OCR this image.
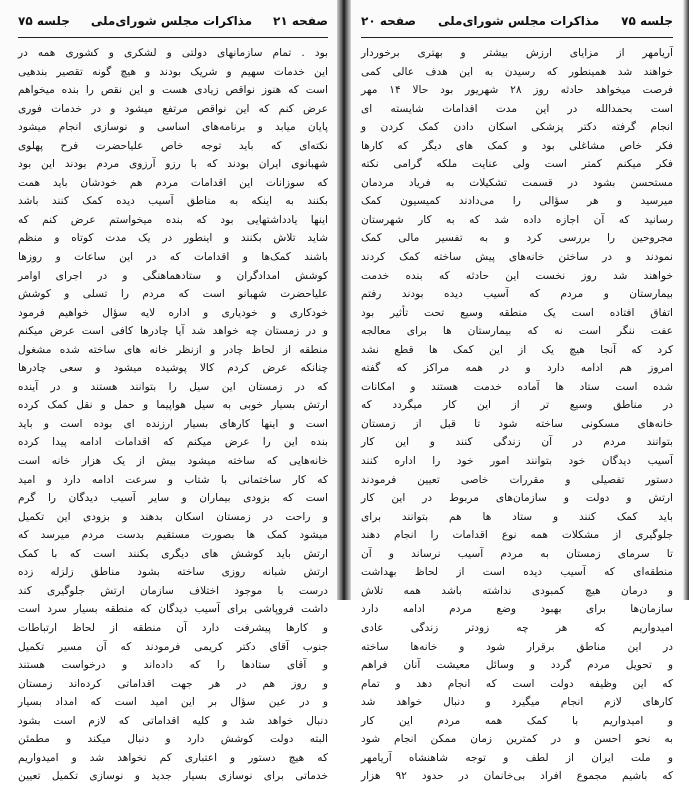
صفحه ۲۱
مذاکرات مجلس شورای‌ملی
جلسه ۷۵
بود . تمام سازمانهای دولتی و لشکری و کشوری همه در
این خدمات سهیم و شریک بودند و هیچ گونه تقصیر بندهیی
است که هنوز نواقص زیادی هست و این نقص را بنده میخواهم
عرض کنم که این نواقص مرتفع میشود و در خدمات فوری
پایان میابد و برنامه‌های اساسی و نوسازی انجام میشود
نکته‌ای که باید توجه خاص علیاحضرت فرح پهلوی
شهبانوی ایران بودند که با رزو آرزوی مردم بودند این بود
که سوزانات این اقدامات مردم هم خودشان باید همت
بکنند به اینکه به مناطق آسیب دیده کمک کنند باشد
اینها یادداشتهایی بود که بنده میخواستم عرض کنم که
شاید تلاش بکنند و اینطور در یک مدت کوتاه و منظم
باشند کمک‌ها و اقدامات که در این ساعات و روزها
کوشش امدادگران و ستادهماهنگی و در اجرای اوامر
علیاحضرت شهبانو است که مردم را تسلی و کوشش
خودکاری و خودیاری و اداره لایه سؤال خواهیم فرمود
و در زمستان چه خواهد شد آیا چادرها کافی است عرض میکنم
منطقه از لحاظ چادر و ازنظر خانه های ساخته شده مشغول
چنانکه عرض کردم کالا پوشیده میشود و سعی چادرها
که در زمستان این سیل را بتوانند هستند و در آینده
ارتش بسیار خوبی به سیل هواپیما و حمل و نقل کمک کرده
است و اینها کارهای بسیار ارزنده ای بوده است و باید
بنده این را عرض میکنم که اقدامات ادامه پیدا کرده
خانه‌هایی که ساخته میشود بیش از یک هزار خانه است
که کار ساختمانی با شتاب و سرعت ادامه دارد و امید
است که بزودی بیماران و سایر آسیب دیدگان را گرم
و راحت در زمستان اسکان بدهند و بزودی این تکمیل
میشود کمک ها بصورت مستقیم بدست مردم میرسد که
ارتش باید کوشش های دیگری بکنند است که با کمک
ارتش شبانه روزی ساخته بشود مناطق زلزله زده
درست با موجود اختلاف سازمان ارتش جلوگیری کند
داشت فروپاشی برای آسیب دیدگان که منطقه بسیار سرد است
و کارها پیشرفت دارد آن منطقه از لحاظ ارتباطات
جنوب آقای دکتر کریمی فرمودند که آن مسیر تکمیل
و آقای ستادها را که داده‌اند و درخواست هستند
و روز هم‌ در هر جهت اقداماتی کرده‌اند زمستان
و در عین سؤال بر این امید است که امداد بسیار
دنبال خواهد شد و کلیه اقداماتی که لازم است بشود
البته دولت کوشش دارد و دنبال میکند و مطمئن
که هیچ دستور و اعتباری کم نخواهد شد و امیدواریم
خدماتی برای نوسازی بسیار جدید و نوسازی تکمیل تعیین
جلسه ۷۵
مذاکرات مجلس شورای‌ملی
صفحه ۲۰
آریامهر از مزایای ارزش بیشتر و بهتری برخوردار
خواهند شد همینطور که رسیدن به این هدف عالی کمی
فرصت میخواهد حادثه روز ۲۸ شهریور بود حالا ۱۴ مهر
است بحمدالله در این مدت اقدامات شایسته ای
انجام گرفته دکتر پزشکی اسکان دادن کمک کردن و
فکر خاص مشاغلی بود و کمک های دیگر که کارها
فکر میکنم کمتر است ولی عنایت ملکه گرامی نکته
مستحسن بشود در قسمت تشکیلات به فریاد مردمان
میرسید و هر سؤالی را می‌دادند کمیسیون کمک
رسانید که آن اجازه داده شد که به کار شهرستان
مجروحین را بررسی کرد و به تفسیر مالی کمک
نمودند و در ساختن خانه‌های پیش ساخته کمک کردند
خواهند شد روز نخست این حادثه که بنده خدمت
بیمارستان و مردم که آسیب دیده بودند رفتم
اتفاق افتاده است یک منطقه وسیع تحت تأثیر بود
عفت ننگر است نه که بیمارستان ها برای معالجه
کرد که آنجا هیچ یک از این کمک ها قطع نشد
امروز هم ادامه دارد و در همه مراکز که گفته
شده است ستاد ها آماده خدمت هستند و امکانات
در مناطق وسیع تر از این کار میگردد که
خانه‌های مسکونی ساخته شود تا قبل از زمستان
بتوانند مردم در آن زندگی کنند و این کار
آسیب دیدگان خود بتوانند امور خود را اداره کنند
دستور تفصیلی و مقررات خاصی تعیین فرمودند
ارتش و دولت و سازمان‌های مربوط در این کار
باید کمک کنند و ستاد ها هم بتوانند برای
جلوگیری از مشکلات همه نوع اقدامات را انجام دهند
تا سرمای زمستان به مردم آسیب نرساند و آن
منطقه‌ای که آسیب دیده است از لحاظ بهداشت
و درمان هیچ کمبودی نداشته باشد همه تلاش
سازمان‌ها برای بهبود وضع مردم ادامه دارد
امیدواریم که هر چه زودتر زندگی عادی
در این مناطق برقرار شود و خانه‌ها ساخته
و تحویل مردم گردد و وسائل معیشت آنان فراهم
که این وظیفه دولت است که انجام دهد و تمام
کارهای لازم انجام میگیرد و دنبال خواهد شد
و امیدواریم با کمک همه مردم این کار
به نحو احسن و در کمترین زمان ممکن انجام شود
و ملت ایران از لطف و توجه شاهنشاه آریامهر
که باشیم مجموع افراد بی‌خانمان در حدود ۹۲ هزار
